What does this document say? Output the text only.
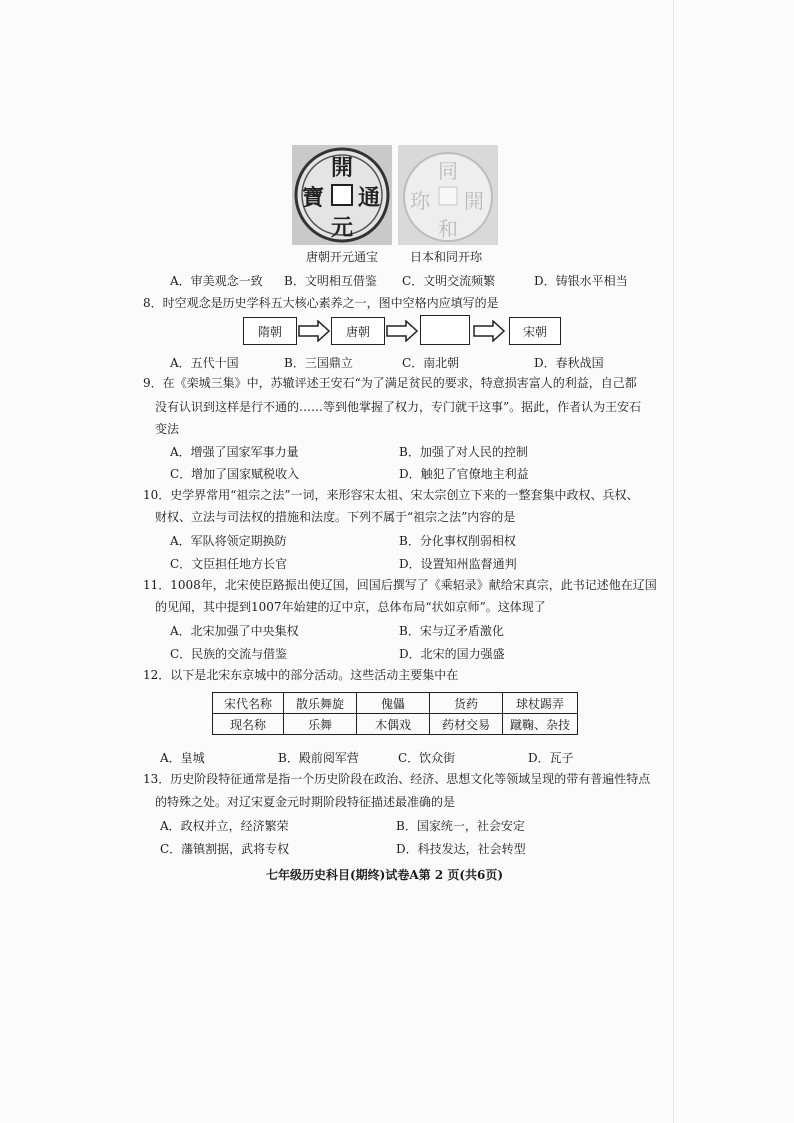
開
通
元
寶
同
開
和
珎
唐朝开元通宝	日本和同开珎
A．审美观念一致 B．文明相互借鉴 C．文明交流频繁	D．铸银水平相当
8．时空观念是历史学科五大核心素养之一，图中空格内应填写的是
隋朝	唐朝	宋朝
A．五代十国	B．三国鼎立	C．南北朝	D．春秋战国
9．在《栾城三集》中，苏辙评述王安石“为了满足贫民的要求，特意损害富人的利益，自己都
没有认识到这样是行不通的……等到他掌握了权力，专门就干这事”。据此，作者认为王安石
变法
A．增强了国家军事力量	B．加强了对人民的控制
C．增加了国家赋税收入	D．触犯了官僚地主利益
10．史学界常用“祖宗之法”一词，来形容宋太祖、宋太宗创立下来的一整套集中政权、兵权、
财权、立法与司法权的措施和法度。下列不属于“祖宗之法”内容的是
A．军队将领定期换防	B．分化事权削弱相权
C．文臣担任地方长官	D．设置知州监督通判
11．1008年，北宋使臣路振出使辽国，回国后撰写了《乘轺录》献给宋真宗，此书记述他在辽国
的见闻，其中提到1007年始建的辽中京，总体布局“状如京师”。这体现了
A．北宋加强了中央集权	B．宋与辽矛盾激化
C．民族的交流与借鉴	D．北宋的国力强盛
12．以下是北宋东京城中的部分活动。这些活动主要集中在
宋代名称	散乐舞旋	傀儡	货药	球杖踢弄
现名称	乐舞	木偶戏	药材交易	蹴鞠、杂技
A．皇城	B．殿前阅军营	C．饮众街	D．瓦子
13．历史阶段特征通常是指一个历史阶段在政治、经济、思想文化等领域呈现的带有普遍性特点
的特殊之处。对辽宋夏金元时期阶段特征描述最准确的是
A．政权并立，经济繁荣	B．国家统一，社会安定
C．藩镇割据，武将专权	D．科技发达，社会转型
七年级历史科目(期终)试卷A第 2 页(共6页)
